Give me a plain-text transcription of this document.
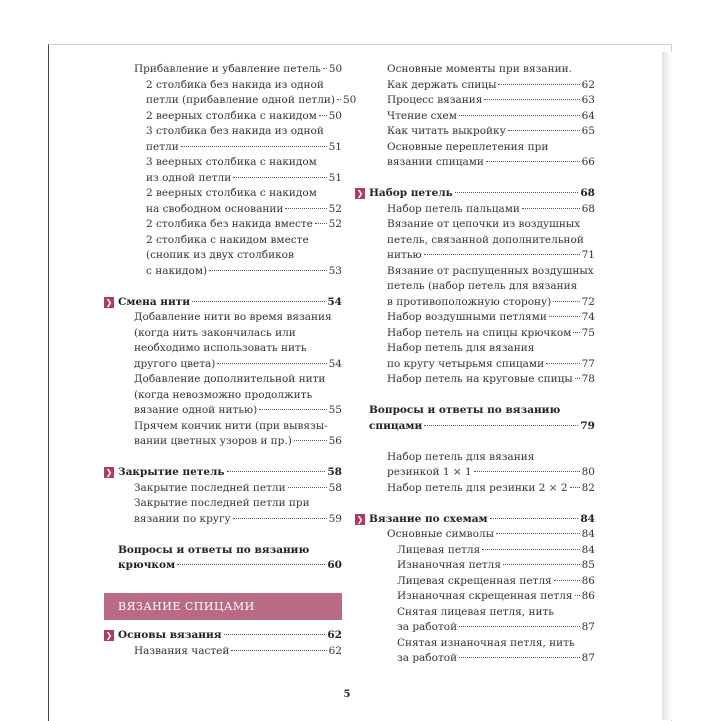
Прибавление и убавление петель 50
2 столбика без накида из одной
петли (прибавление одной петли) 50
2 веерных столбика с накидом 50
3 столбика без накида из одной
петли	51
3 веерных столбика с накидом
из одной петли	51
2 веерных столбика с накидом
на свободном основании	52
2 столбика без накида вместе 52
2 столбика с накидом вместе
(снопик из двух столбиков
с накидом)	53
❯ Смена нити	54
Добавление нити во время вязания
(когда нить закончилась или
необходимо использовать нить
другого цвета)	54
Добавление дополнительной нити
(когда невозможно продолжить
вязание одной нитью)	55
Прячем кончик нити (при вывязы-
вании цветных узоров и пр.)	56
❯ Закрытие петель	58
Закрытие последней петли	58
Закрытие последней петли при
вязании по кругу	59
Вопросы и ответы по вязанию
крючком	60
ВЯЗАНИЕ СПИЦАМИ
❯ Основы вязания	62
Названия частей	62
Основные моменты при вязании.
Как держать спицы	62
Процесс вязания	63
Чтение схем	64
Как читать выкройку	65
Основные переплетения при
вязании спицами	66
❯ Набор петель	68
Набор петель пальцами	68
Вязание от цепочки из воздушных
петель, связанной дополнительной
нитью	71
Вязание от распущенных воздушных
петель (набор петель для вязания
в противоположную сторону)	72
Набор воздушными петлями	74
Набор петель на спицы крючком 75
Набор петель для вязания
по кругу четырьмя спицами	77
Набор петель на круговые спицы 78
Вопросы и ответы по вязанию
спицами	79
Набор петель для вязания
резинкой 1 × 1	80
Набор петель для резинки 2 × 2 82
❯ Вязание по схемам	84
Основные символы	84
Лицевая петля	84
Изнаночная петля	85
Лицевая скрещенная петля	86
Изнаночная скрещенная петля 86
Снятая лицевая петля, нить
за работой	87
Снятая изнаночная петля, нить
за работой	87
5
